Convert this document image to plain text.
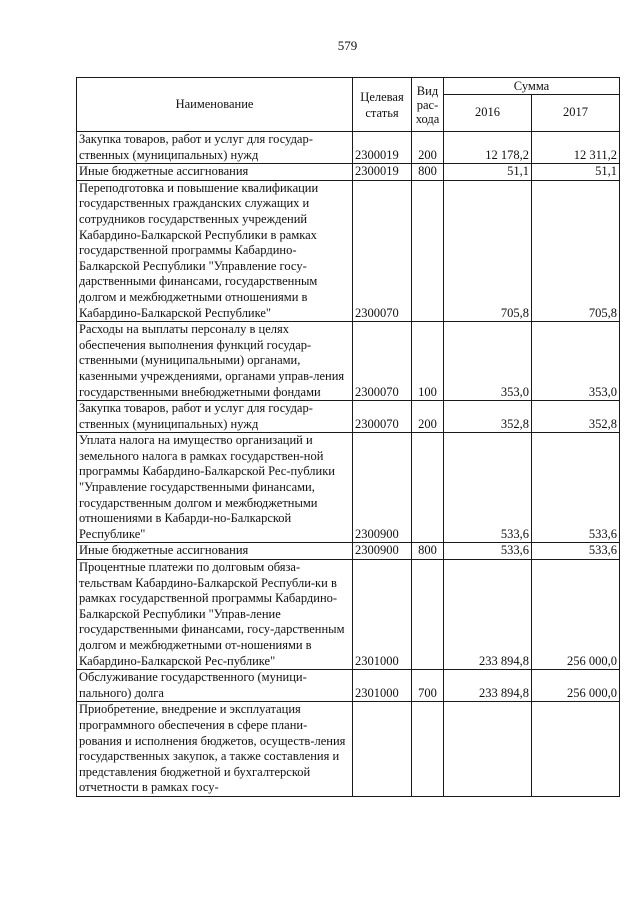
579
Наименование	Целевая статья	Вид рас-хода	Сумма	
			2016	2017
Закупка товаров, работ и услуг для государ-ственных (муниципальных) нужд	2300019	200	12 178,2	12 311,2
Иные бюджетные ассигнования	2300019	800	51,1	51,1
Переподготовка и повышение квалификации государственных гражданских служащих и сотрудников государственных учреждений Кабардино-Балкарской Республики в рамках государственной программы Кабардино-Балкарской Республики "Управление госу-дарственными финансами, государственным долгом и межбюджетными отношениями в Кабардино-Балкарской Республике"	2300070		705,8	705,8
Расходы на выплаты персоналу в целях обеспечения выполнения функций государ-ственными (муниципальными) органами, казенными учреждениями, органами управ-ления государственными внебюджетными фондами	2300070	100	353,0	353,0
Закупка товаров, работ и услуг для государ-ственных (муниципальных) нужд	2300070	200	352,8	352,8
Уплата налога на имущество организаций и земельного налога в рамках государствен-ной программы Кабардино-Балкарской Рес-публики "Управление государственными финансами, государственным долгом и межбюджетными отношениями в Кабарди-но-Балкарской Республике"	2300900		533,6	533,6
Иные бюджетные ассигнования	2300900	800	533,6	533,6
Процентные платежи по долговым обяза-тельствам Кабардино-Балкарской Республи-ки в рамках государственной программы Кабардино-Балкарской Республики "Управ-ление государственными финансами, госу-дарственным долгом и межбюджетными от-ношениями в Кабардино-Балкарской Рес-публике"	2301000		233 894,8	256 000,0
Обслуживание государственного (муници-пального) долга	2301000	700	233 894,8	256 000,0
Приобретение, внедрение и эксплуатация программного обеспечения в сфере плани-рования и исполнения бюджетов, осуществ-ления государственных закупок, а также составления и представления бюджетной и бухгалтерской отчетности в рамках госу-				
